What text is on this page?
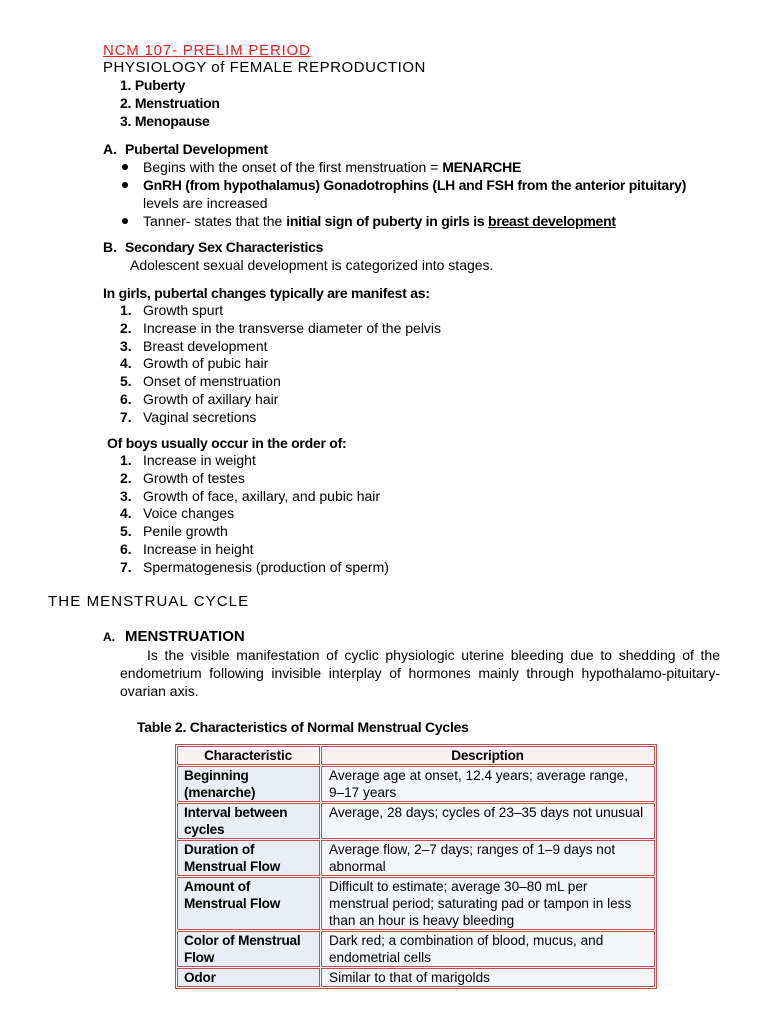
NCM 107- PRELIM PERIOD
PHYSIOLOGY of FEMALE REPRODUCTION
1. Puberty
2. Menstruation
3. Menopause
A. Pubertal Development
Begins with the onset of the first menstruation = MENARCHE
GnRH (from hypothalamus) Gonadotrophins (LH and FSH from the anterior pituitary) levels are increased
Tanner- states that the initial sign of puberty in girls is breast development
B. Secondary Sex Characteristics
Adolescent sexual development is categorized into stages.
In girls, pubertal changes typically are manifest as:
1. Growth spurt
2. Increase in the transverse diameter of the pelvis
3. Breast development
4. Growth of pubic hair
5. Onset of menstruation
6. Growth of axillary hair
7. Vaginal secretions
Of boys usually occur in the order of:
1. Increase in weight
2. Growth of testes
3. Growth of face, axillary, and pubic hair
4. Voice changes
5. Penile growth
6. Increase in height
7. Spermatogenesis (production of sperm)
THE MENSTRUAL CYCLE
A. MENSTRUATION
Is the visible manifestation of cyclic physiologic uterine bleeding due to shedding of the endometrium following invisible interplay of hormones mainly through hypothalamo-pituitary-ovarian axis.
Table 2. Characteristics of Normal Menstrual Cycles
Characteristic	Description
Beginning (menarche)	Average age at onset, 12.4 years; average range, 9–17 years
Interval between cycles	Average, 28 days; cycles of 23–35 days not unusual
Duration of Menstrual Flow	Average flow, 2–7 days; ranges of 1–9 days not abnormal
Amount of Menstrual Flow	Difficult to estimate; average 30–80 mL per menstrual period; saturating pad or tampon in less than an hour is heavy bleeding
Color of Menstrual Flow	Dark red; a combination of blood, mucus, and endometrial cells
Odor	Similar to that of marigolds
